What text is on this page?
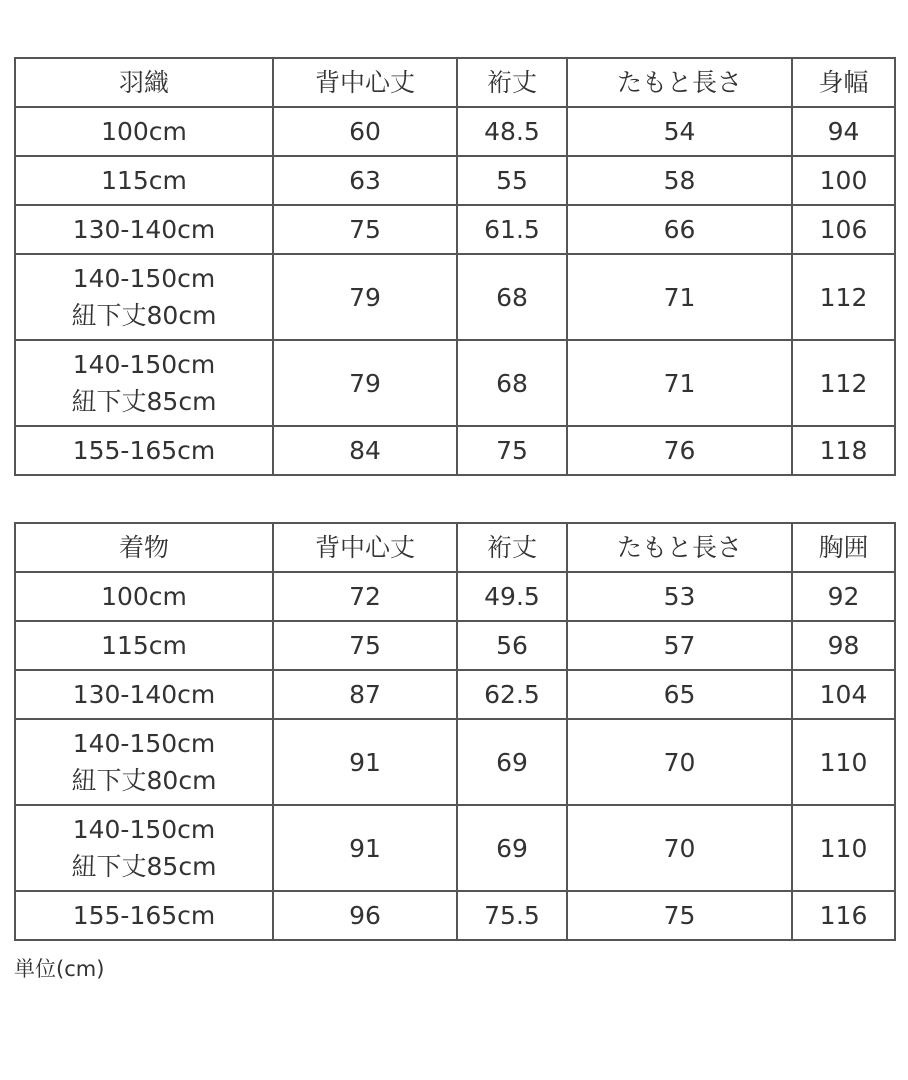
羽織	背中心丈	裄丈	たもと長さ	身幅

100cm	60	48.5	54	94

115cm	63	55	58	100

130-140cm	75	61.5	66	106

140-150cm
紐下丈80cm	79	68	71	112

140-150cm
紐下丈85cm	79	68	71	112

155-165cm	84	75	76	118
着物	背中心丈	裄丈	たもと長さ	胸囲

100cm	72	49.5	53	92

115cm	75	56	57	98

130-140cm	87	62.5	65	104

140-150cm
紐下丈80cm	91	69	70	110

140-150cm
紐下丈85cm	91	69	70	110

155-165cm	96	75.5	75	116
単位(cm)
